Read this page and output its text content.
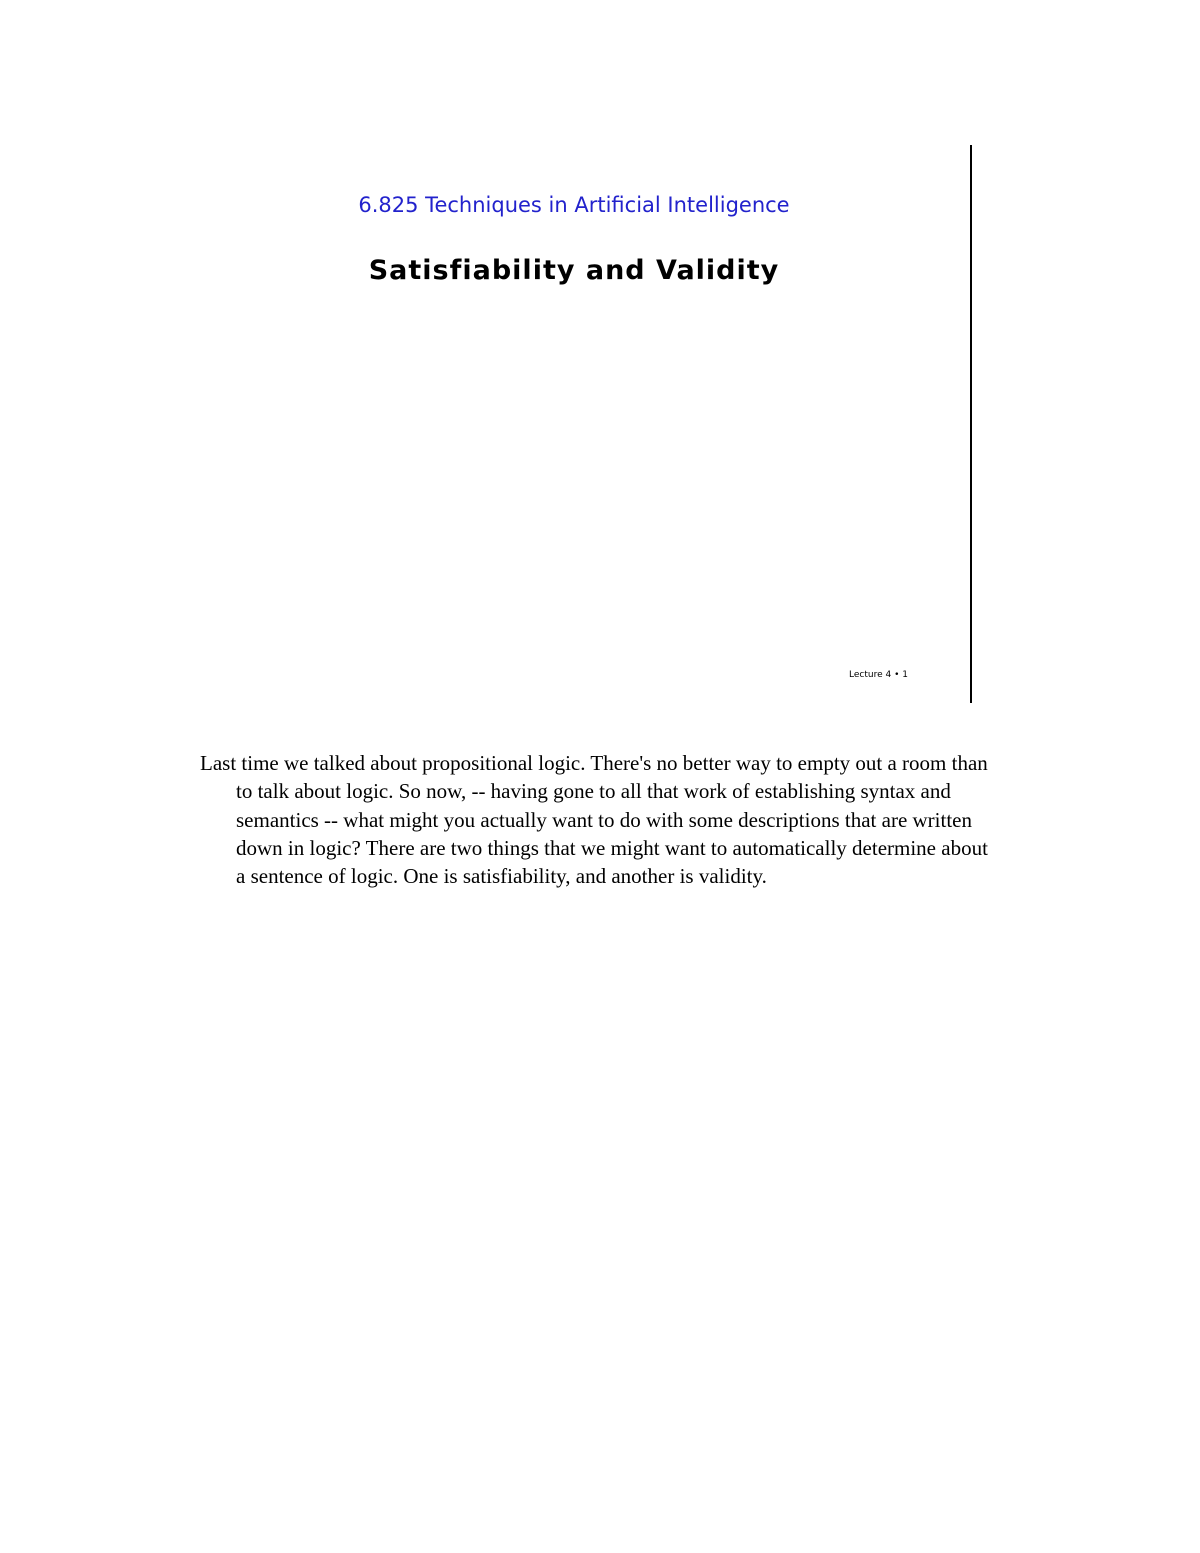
6.825 Techniques in Artificial Intelligence
Satisfiability and Validity
Lecture 4 • 1
Last time we talked about propositional logic. There's no better way to empty out a room than to talk about logic. So now, -- having gone to all that work of establishing syntax and semantics -- what might you actually want to do with some descriptions that are written down in logic? There are two things that we might want to automatically determine about a sentence of logic. One is satisfiability, and another is validity.
